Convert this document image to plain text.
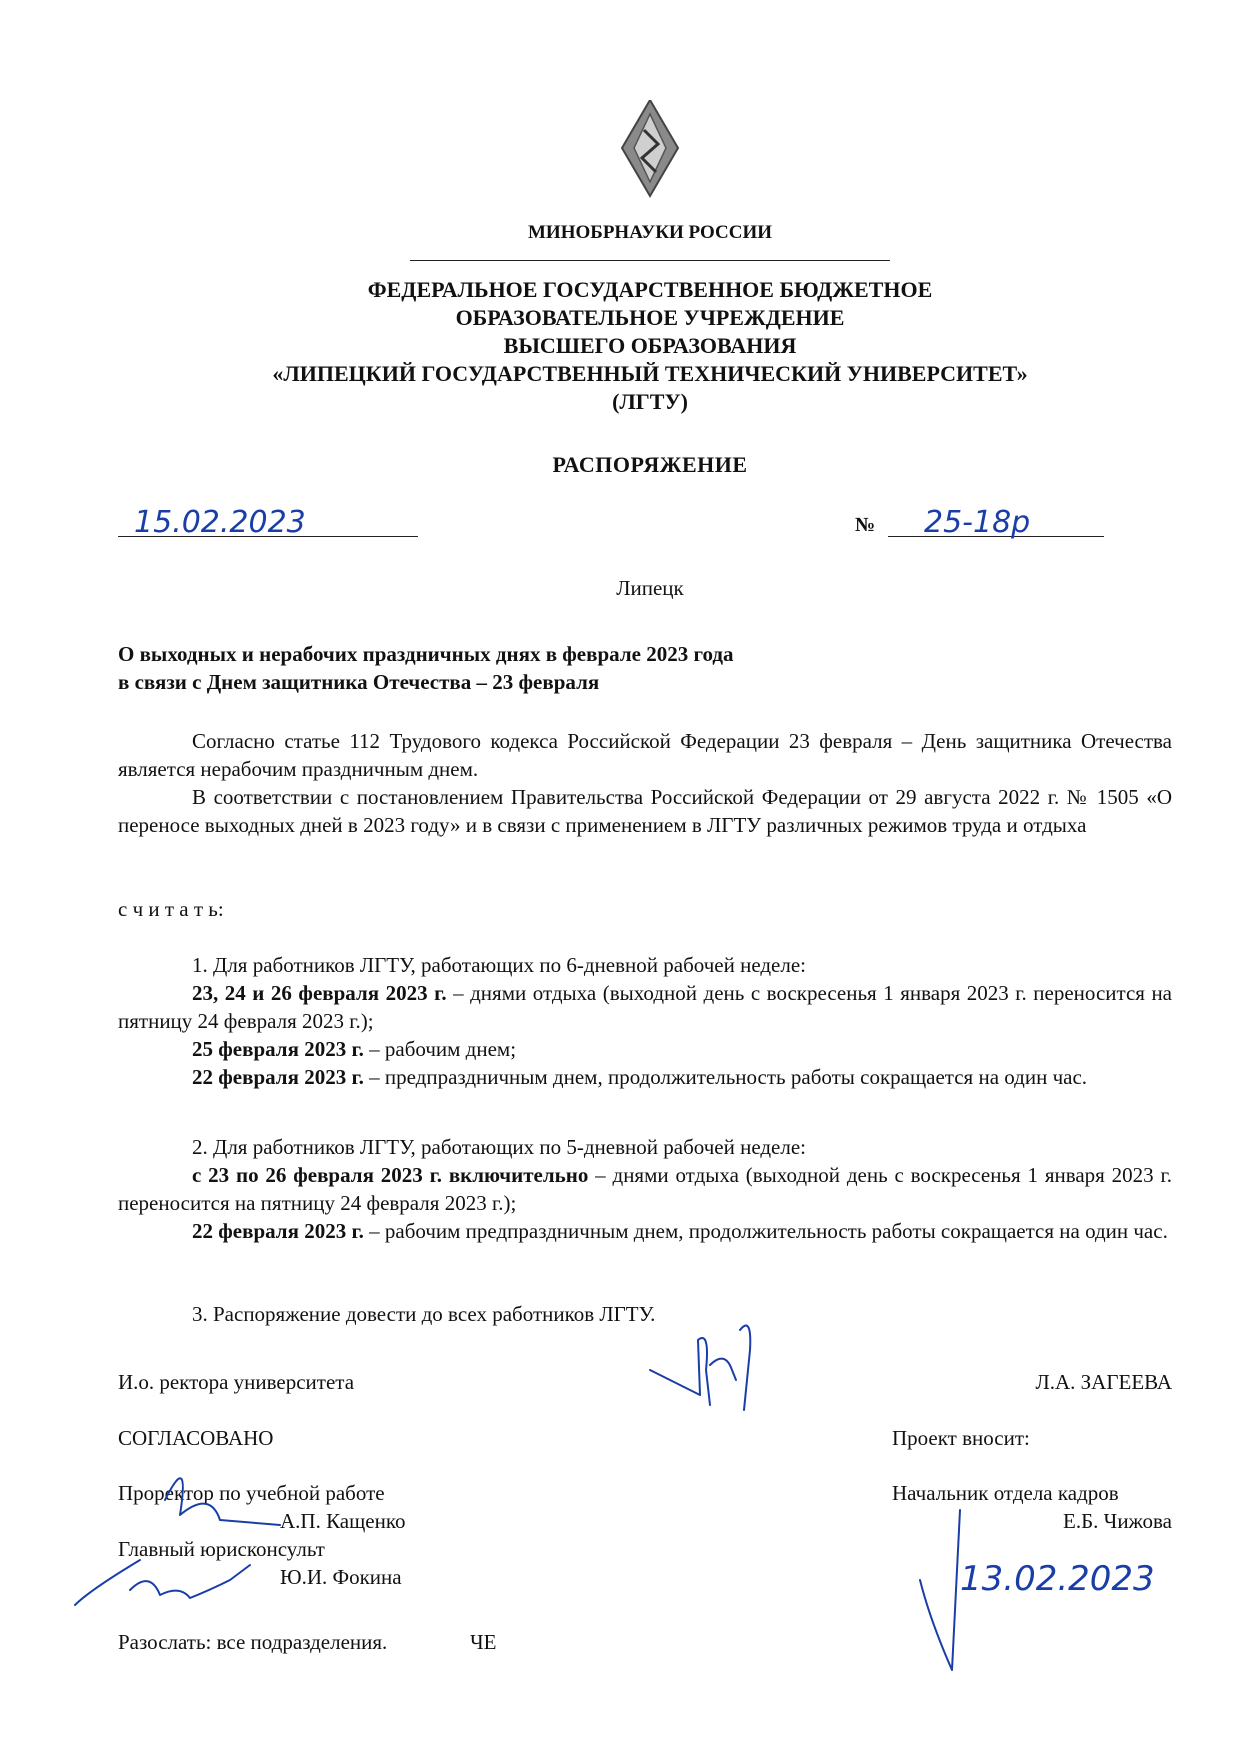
МИНОБРНАУКИ РОССИИ
ФЕДЕРАЛЬНОЕ ГОСУДАРСТВЕННОЕ БЮДЖЕТНОЕ
ОБРАЗОВАТЕЛЬНОЕ УЧРЕЖДЕНИЕ
ВЫСШЕГО ОБРАЗОВАНИЯ
«ЛИПЕЦКИЙ ГОСУДАРСТВЕННЫЙ ТЕХНИЧЕСКИЙ УНИВЕРСИТЕТ»
(ЛГТУ)
РАСПОРЯЖЕНИЕ
15.02.2023	№ 25-18р
Липецк
О выходных и нерабочих праздничных днях в феврале 2023 года
в связи с Днем защитника Отечества – 23 февраля
Согласно статье 112 Трудового кодекса Российской Федерации 23 февраля – День защитника Отечества является нерабочим праздничным днем.
В соответствии с постановлением Правительства Российской Федерации от 29 августа 2022 г. № 1505 «О переносе выходных дней в 2023 году» и в связи с применением в ЛГТУ различных режимов труда и отдыха
с ч и т а т ь:
1. Для работников ЛГТУ, работающих по 6-дневной рабочей неделе:
23, 24 и 26 февраля 2023 г. – днями отдыха (выходной день с воскресенья 1 января 2023 г. переносится на пятницу 24 февраля 2023 г.);
25 февраля 2023 г. – рабочим днем;
22 февраля 2023 г. – предпраздничным днем, продолжительность работы сокращается на один час.
2. Для работников ЛГТУ, работающих по 5-дневной рабочей неделе:
с 23 по 26 февраля 2023 г. включительно – днями отдыха (выходной день с воскресенья 1 января 2023 г. переносится на пятницу 24 февраля 2023 г.);
22 февраля 2023 г. – рабочим предпраздничным днем, продолжительность работы сокращается на один час.
3. Распоряжение довести до всех работников ЛГТУ.
И.о. ректора университета	Л.А. ЗАГЕЕВА
СОГЛАСОВАНО	Проект вносит:
Проректор по учебной работе
А.П. Кащенко
Главный юрисконсульт
Ю.И. Фокина
Начальник отдела кадров
Е.Б. Чижова
13.02.2023
Разослать: все подразделения.	ЧЕ
